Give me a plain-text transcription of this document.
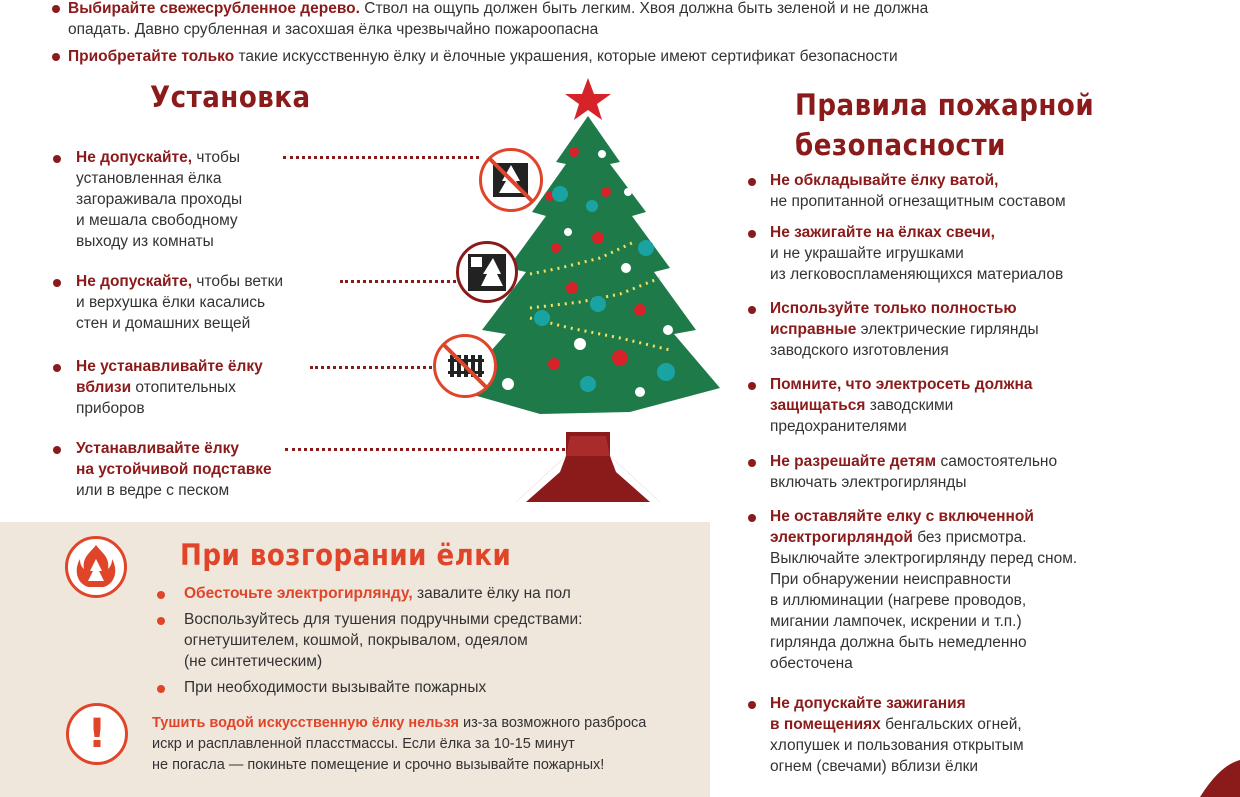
Выбирайте свежесрубленное дерево. Ствол на ощупь должен быть легким. Хвоя должна быть зеленой и не должна
опадать. Давно срубленная и засохшая ёлка чрезвычайно пожароопасна
Приобретайте только такие искусственную ёлку и ёлочные украшения, которые имеют сертификат безопасности
Установка
Не допускайте, чтобы
установленная ёлка
загораживала проходы
и мешала свободному
выходу из комнаты
Не допускайте, чтобы ветки
и верхушка ёлки касались
стен и домашних вещей
Не устанавливайте ёлку
вблизи отопительных
приборов
Устанавливайте ёлку
на устойчивой подставке
или в ведре с песком
Правила пожарной
безопасности
Не обкладывайте ёлку ватой,
не пропитанной огнезащитным составом
Не зажигайте на ёлках свечи,
и не украшайте игрушками
из легковоспламеняющихся материалов
Используйте только полностью
исправные электрические гирлянды
заводского изготовления
Помните, что электросеть должна
защищаться заводскими
предохранителями
Не разрешайте детям самостоятельно
включать электрогирлянды
Не оставляйте елку с включенной
электрогирляндой без присмотра.
Выключайте электрогирлянду перед сном.
При обнаружении неисправности
в иллюминации (нагреве проводов,
мигании лампочек, искрении и т.п.)
гирлянда должна быть немедленно
обесточена
Не допускайте зажигания
в помещениях бенгальских огней,
хлопушек и пользования открытым
огнем (свечами) вблизи ёлки
При возгорании ёлки
Обесточьте электрогирлянду, завалите ёлку на пол
Воспользуйтесь для тушения подручными средствами:
огнетушителем, кошмой, покрывалом, одеялом
(не синтетическим)
При необходимости вызывайте пожарных
!	Тушить водой искусственную ёлку нельзя из-за возможного разброса
искр и расплавленной пласстмассы. Если ёлка за 10-15 минут
не погасла — покиньте помещение и срочно вызывайте пожарных!
